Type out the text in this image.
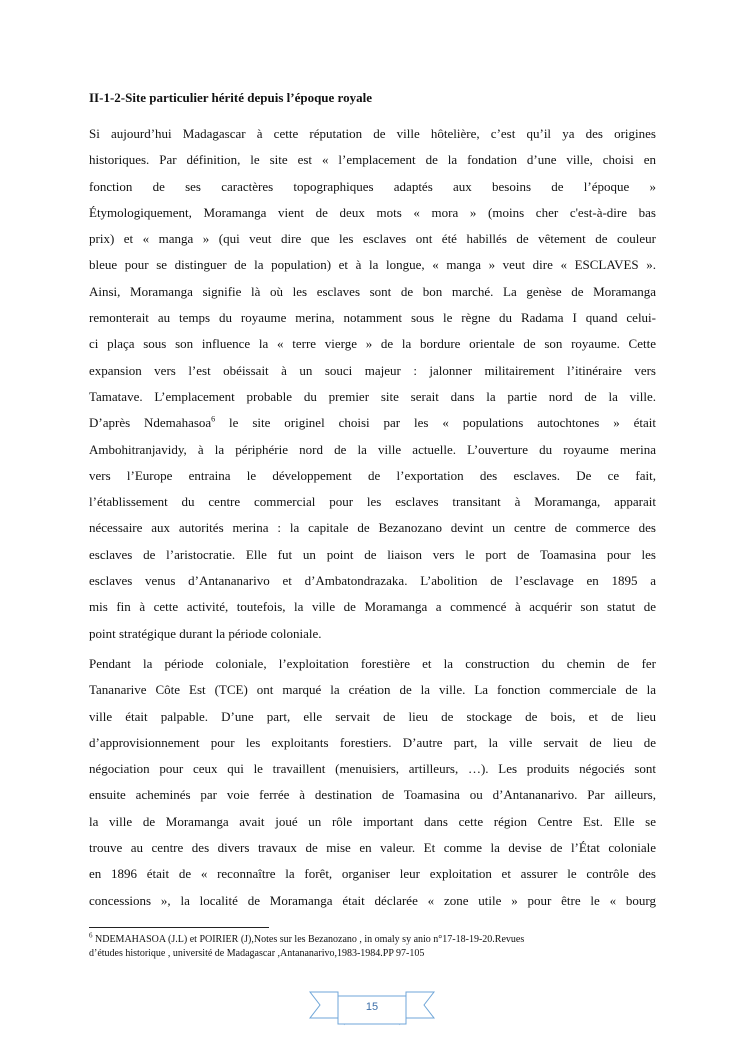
II-1-2-Site particulier hérité depuis l’époque royale

Si aujourd’hui Madagascar à cette réputation de ville hôtelière, c’est qu’il ya des origines
historiques. Par définition, le site est « l’emplacement de la fondation d’une ville, choisi en
fonction de ses caractères topographiques adaptés aux besoins de l’époque »
Étymologiquement, Moramanga vient de deux mots « mora » (moins cher c'est-à-dire bas
prix) et « manga » (qui veut dire que les esclaves ont été habillés de vêtement de couleur
bleue pour se distinguer de la population) et à la longue, « manga » veut dire « ESCLAVES ».
Ainsi, Moramanga signifie là où les esclaves sont de bon marché. La genèse de Moramanga
remonterait au temps du royaume merina, notamment sous le règne du Radama I quand celui-
ci plaça sous son influence la « terre vierge » de la bordure orientale de son royaume. Cette
expansion vers l’est obéissait à un souci majeur : jalonner militairement l’itinéraire vers
Tamatave. L’emplacement probable du premier site serait dans la partie nord de la ville.
D’après Ndemahasoa$^6$ le site originel choisi par les « populations autochtones » était
Ambohitranjavidy, à la périphérie nord de la ville actuelle. L’ouverture du royaume merina
vers l’Europe entraina le développement de l’exportation des esclaves. De ce fait,
l’établissement du centre commercial pour les esclaves transitant à Moramanga, apparait
nécessaire aux autorités merina : la capitale de Bezanozano devint un centre de commerce des
esclaves de l’aristocratie. Elle fut un point de liaison vers le port de Toamasina pour les
esclaves venus d’Antananarivo et d’Ambatondrazaka. L’abolition de l’esclavage en 1895 a
mis fin à cette activité, toutefois, la ville de Moramanga a commencé à acquérir son statut de
point stratégique durant la période coloniale.
Pendant la période coloniale, l’exploitation forestière et la construction du chemin de fer
Tananarive Côte Est (TCE) ont marqué la création de la ville. La fonction commerciale de la
ville était palpable. D’une part, elle servait de lieu de stockage de bois, et de lieu
d’approvisionnement pour les exploitants forestiers. D’autre part, la ville servait de lieu de
négociation pour ceux qui le travaillent (menuisiers, artilleurs, …). Les produits négociés sont
ensuite acheminés par voie ferrée à destination de Toamasina ou d’Antananarivo. Par ailleurs,
la ville de Moramanga avait joué un rôle important dans cette région Centre Est. Elle se
trouve au centre des divers travaux de mise en valeur. Et comme la devise de l’État coloniale
en 1896 était de « reconnaître la forêt, organiser leur exploitation et assurer le contrôle des
concessions », la localité de Moramanga était déclarée « zone utile » pour être le « bourg

$^6$ NDEMAHASOA (J.L) et POIRIER (J),Notes sur les Bezanozano , in omaly sy anio n°17-18-19-20.Revues
d’études historique , université de Madagascar ,Antananarivo,1983-1984.PP 97-105

15
